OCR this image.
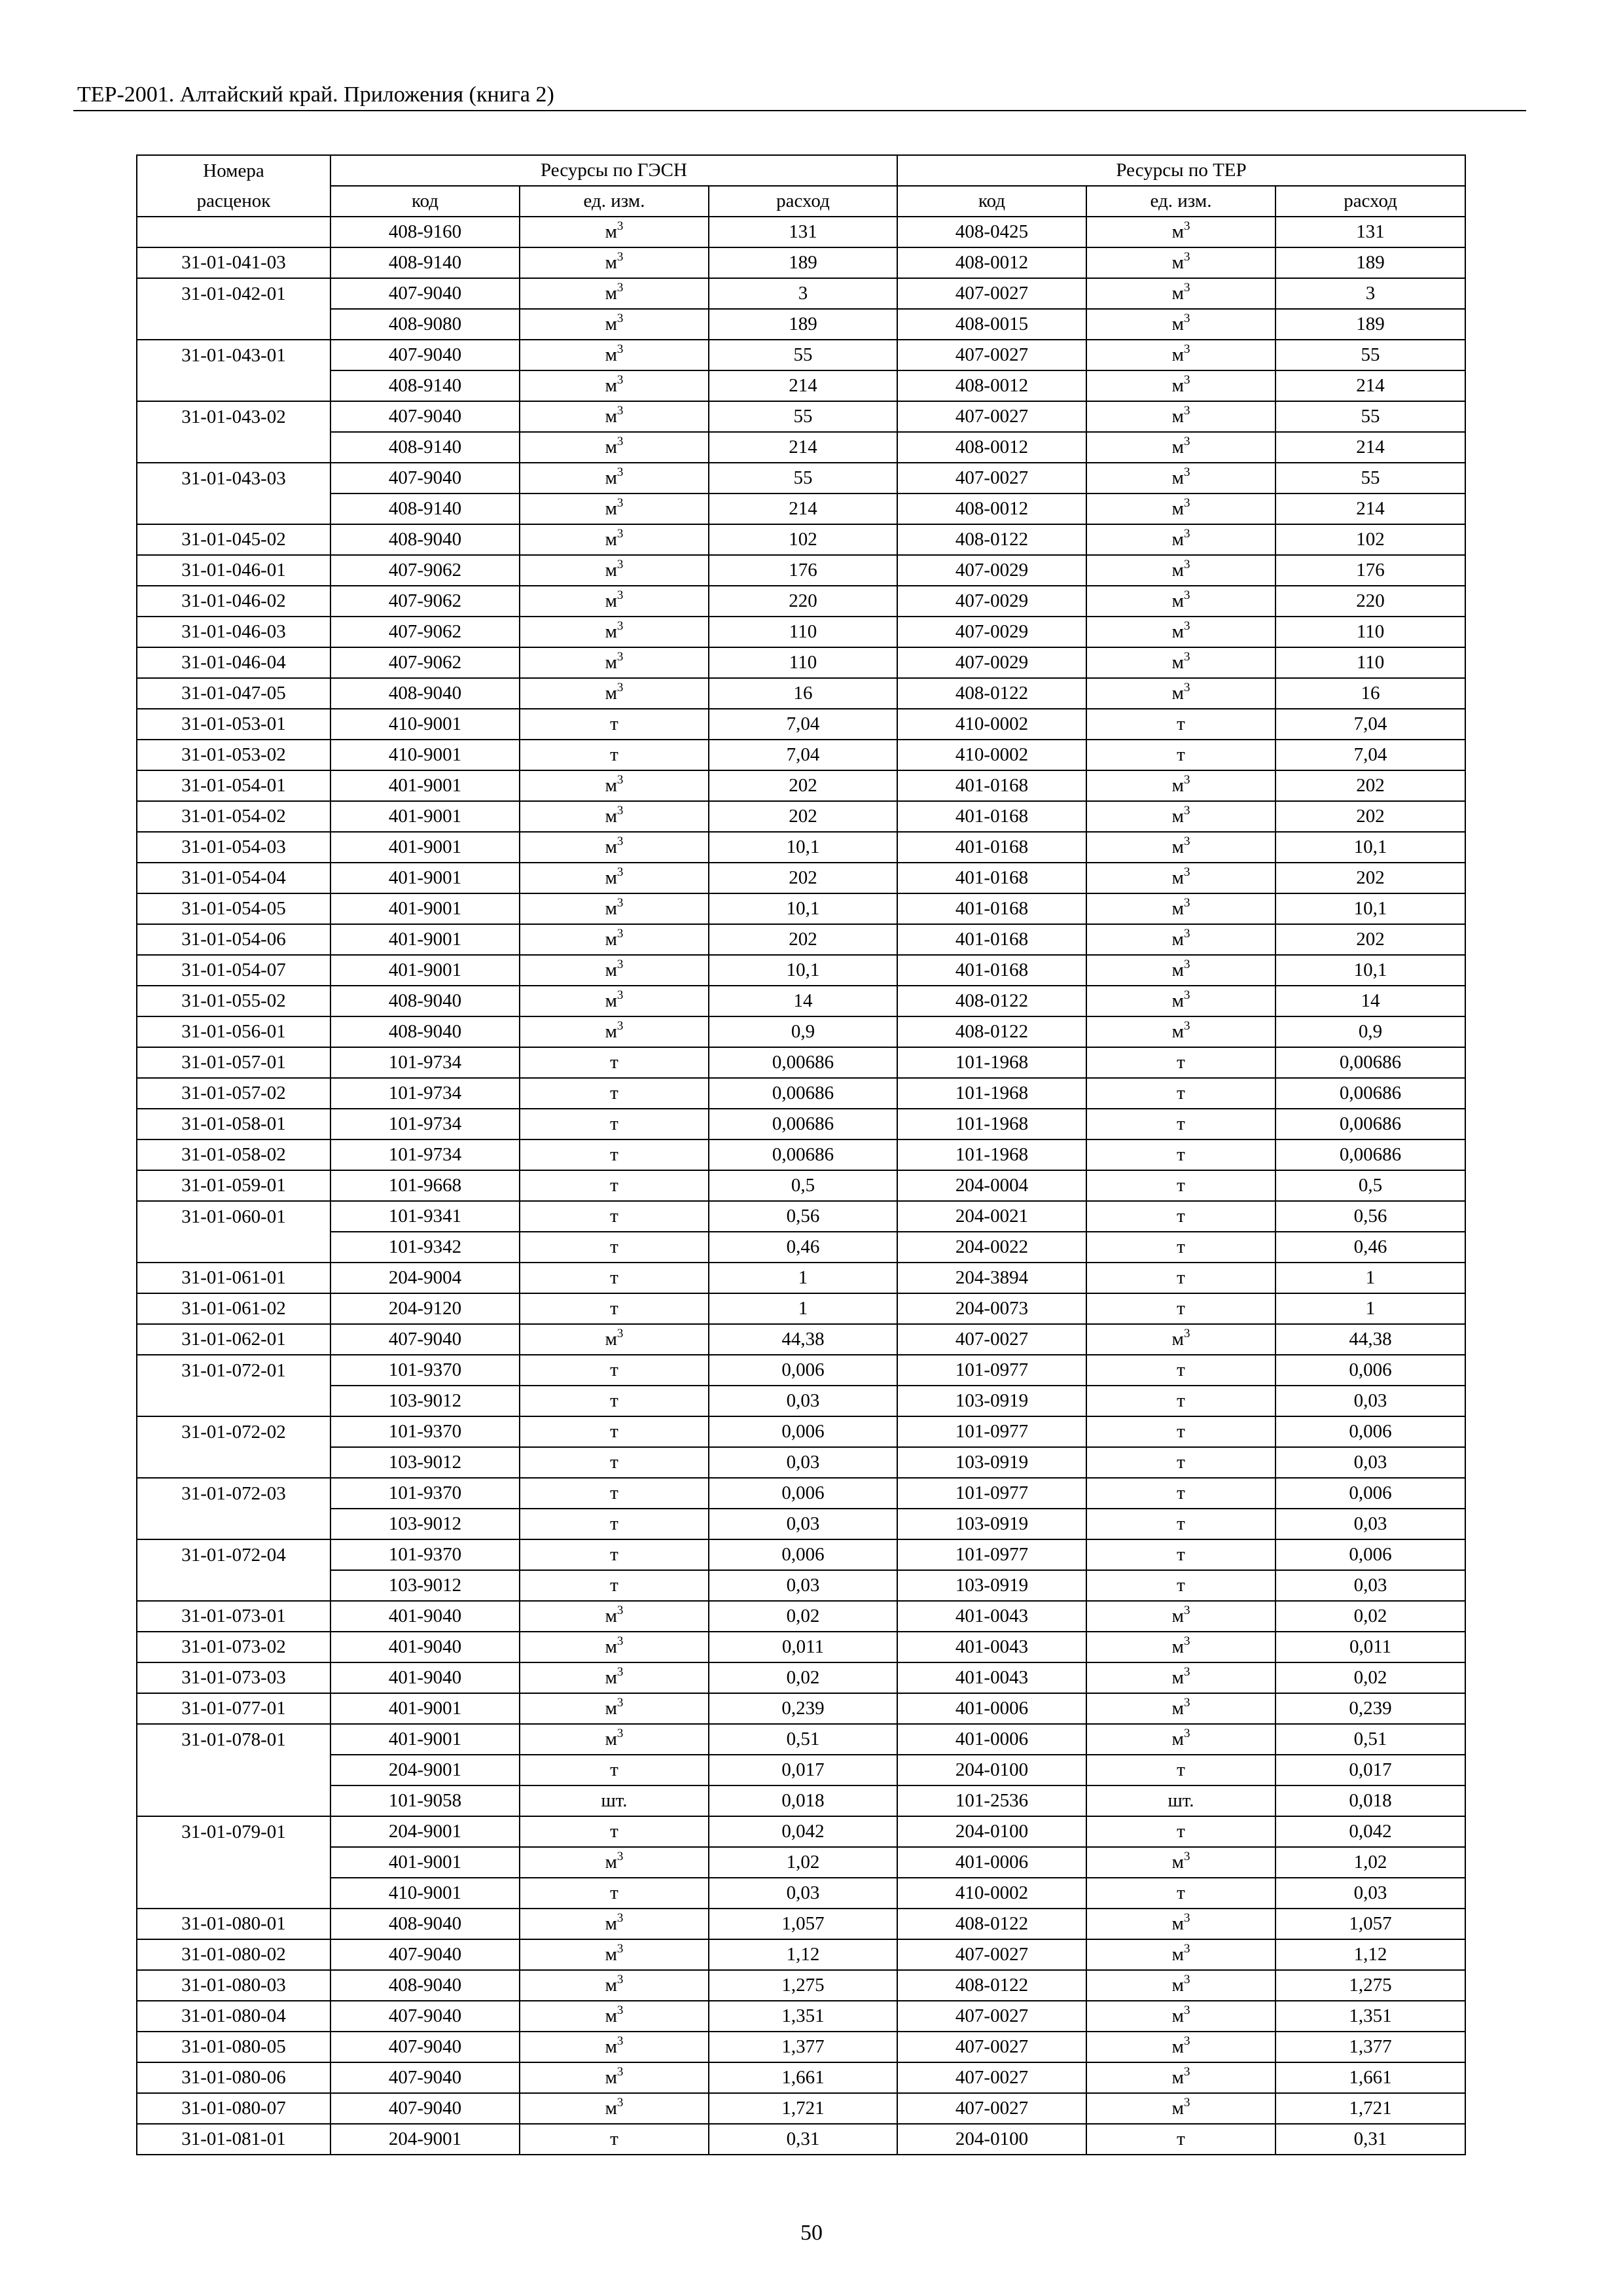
ТЕР-2001. Алтайский край. Приложения (книга 2)
Номера	Ресурсы по ГЭСН			Ресурсы по ТЕР		
расценок	код	ед. изм.	расход	код	ед. изм.	расход
	408-9160	$м^3$	131	408-0425	$м^3$	131
31-01-041-03	408-9140	$м^3$	189	408-0012	$м^3$	189
31-01-042-01	407-9040	$м^3$	3	407-0027	$м^3$	3
	408-9080	$м^3$	189	408-0015	$м^3$	189
31-01-043-01	407-9040	$м^3$	55	407-0027	$м^3$	55
	408-9140	$м^3$	214	408-0012	$м^3$	214
31-01-043-02	407-9040	$м^3$	55	407-0027	$м^3$	55
	408-9140	$м^3$	214	408-0012	$м^3$	214
31-01-043-03	407-9040	$м^3$	55	407-0027	$м^3$	55
	408-9140	$м^3$	214	408-0012	$м^3$	214
31-01-045-02	408-9040	$м^3$	102	408-0122	$м^3$	102
31-01-046-01	407-9062	$м^3$	176	407-0029	$м^3$	176
31-01-046-02	407-9062	$м^3$	220	407-0029	$м^3$	220
31-01-046-03	407-9062	$м^3$	110	407-0029	$м^3$	110
31-01-046-04	407-9062	$м^3$	110	407-0029	$м^3$	110
31-01-047-05	408-9040	$м^3$	16	408-0122	$м^3$	16
31-01-053-01	410-9001	т	7,04	410-0002	т	7,04
31-01-053-02	410-9001	т	7,04	410-0002	т	7,04
31-01-054-01	401-9001	$м^3$	202	401-0168	$м^3$	202
31-01-054-02	401-9001	$м^3$	202	401-0168	$м^3$	202
31-01-054-03	401-9001	$м^3$	10,1	401-0168	$м^3$	10,1
31-01-054-04	401-9001	$м^3$	202	401-0168	$м^3$	202
31-01-054-05	401-9001	$м^3$	10,1	401-0168	$м^3$	10,1
31-01-054-06	401-9001	$м^3$	202	401-0168	$м^3$	202
31-01-054-07	401-9001	$м^3$	10,1	401-0168	$м^3$	10,1
31-01-055-02	408-9040	$м^3$	14	408-0122	$м^3$	14
31-01-056-01	408-9040	$м^3$	0,9	408-0122	$м^3$	0,9
31-01-057-01	101-9734	т	0,00686	101-1968	т	0,00686
31-01-057-02	101-9734	т	0,00686	101-1968	т	0,00686
31-01-058-01	101-9734	т	0,00686	101-1968	т	0,00686
31-01-058-02	101-9734	т	0,00686	101-1968	т	0,00686
31-01-059-01	101-9668	т	0,5	204-0004	т	0,5
31-01-060-01	101-9341	т	0,56	204-0021	т	0,56
	101-9342	т	0,46	204-0022	т	0,46
31-01-061-01	204-9004	т	1	204-3894	т	1
31-01-061-02	204-9120	т	1	204-0073	т	1
31-01-062-01	407-9040	$м^3$	44,38	407-0027	$м^3$	44,38
31-01-072-01	101-9370	т	0,006	101-0977	т	0,006
	103-9012	т	0,03	103-0919	т	0,03
31-01-072-02	101-9370	т	0,006	101-0977	т	0,006
	103-9012	т	0,03	103-0919	т	0,03
31-01-072-03	101-9370	т	0,006	101-0977	т	0,006
	103-9012	т	0,03	103-0919	т	0,03
31-01-072-04	101-9370	т	0,006	101-0977	т	0,006
	103-9012	т	0,03	103-0919	т	0,03
31-01-073-01	401-9040	$м^3$	0,02	401-0043	$м^3$	0,02
31-01-073-02	401-9040	$м^3$	0,011	401-0043	$м^3$	0,011
31-01-073-03	401-9040	$м^3$	0,02	401-0043	$м^3$	0,02
31-01-077-01	401-9001	$м^3$	0,239	401-0006	$м^3$	0,239
31-01-078-01	401-9001	$м^3$	0,51	401-0006	$м^3$	0,51
	204-9001	т	0,017	204-0100	т	0,017
	101-9058	шт.	0,018	101-2536	шт.	0,018
31-01-079-01	204-9001	т	0,042	204-0100	т	0,042
	401-9001	$м^3$	1,02	401-0006	$м^3$	1,02
	410-9001	т	0,03	410-0002	т	0,03
31-01-080-01	408-9040	$м^3$	1,057	408-0122	$м^3$	1,057
31-01-080-02	407-9040	$м^3$	1,12	407-0027	$м^3$	1,12
31-01-080-03	408-9040	$м^3$	1,275	408-0122	$м^3$	1,275
31-01-080-04	407-9040	$м^3$	1,351	407-0027	$м^3$	1,351
31-01-080-05	407-9040	$м^3$	1,377	407-0027	$м^3$	1,377
31-01-080-06	407-9040	$м^3$	1,661	407-0027	$м^3$	1,661
31-01-080-07	407-9040	$м^3$	1,721	407-0027	$м^3$	1,721
31-01-081-01	204-9001	т	0,31	204-0100	т	0,31
50
